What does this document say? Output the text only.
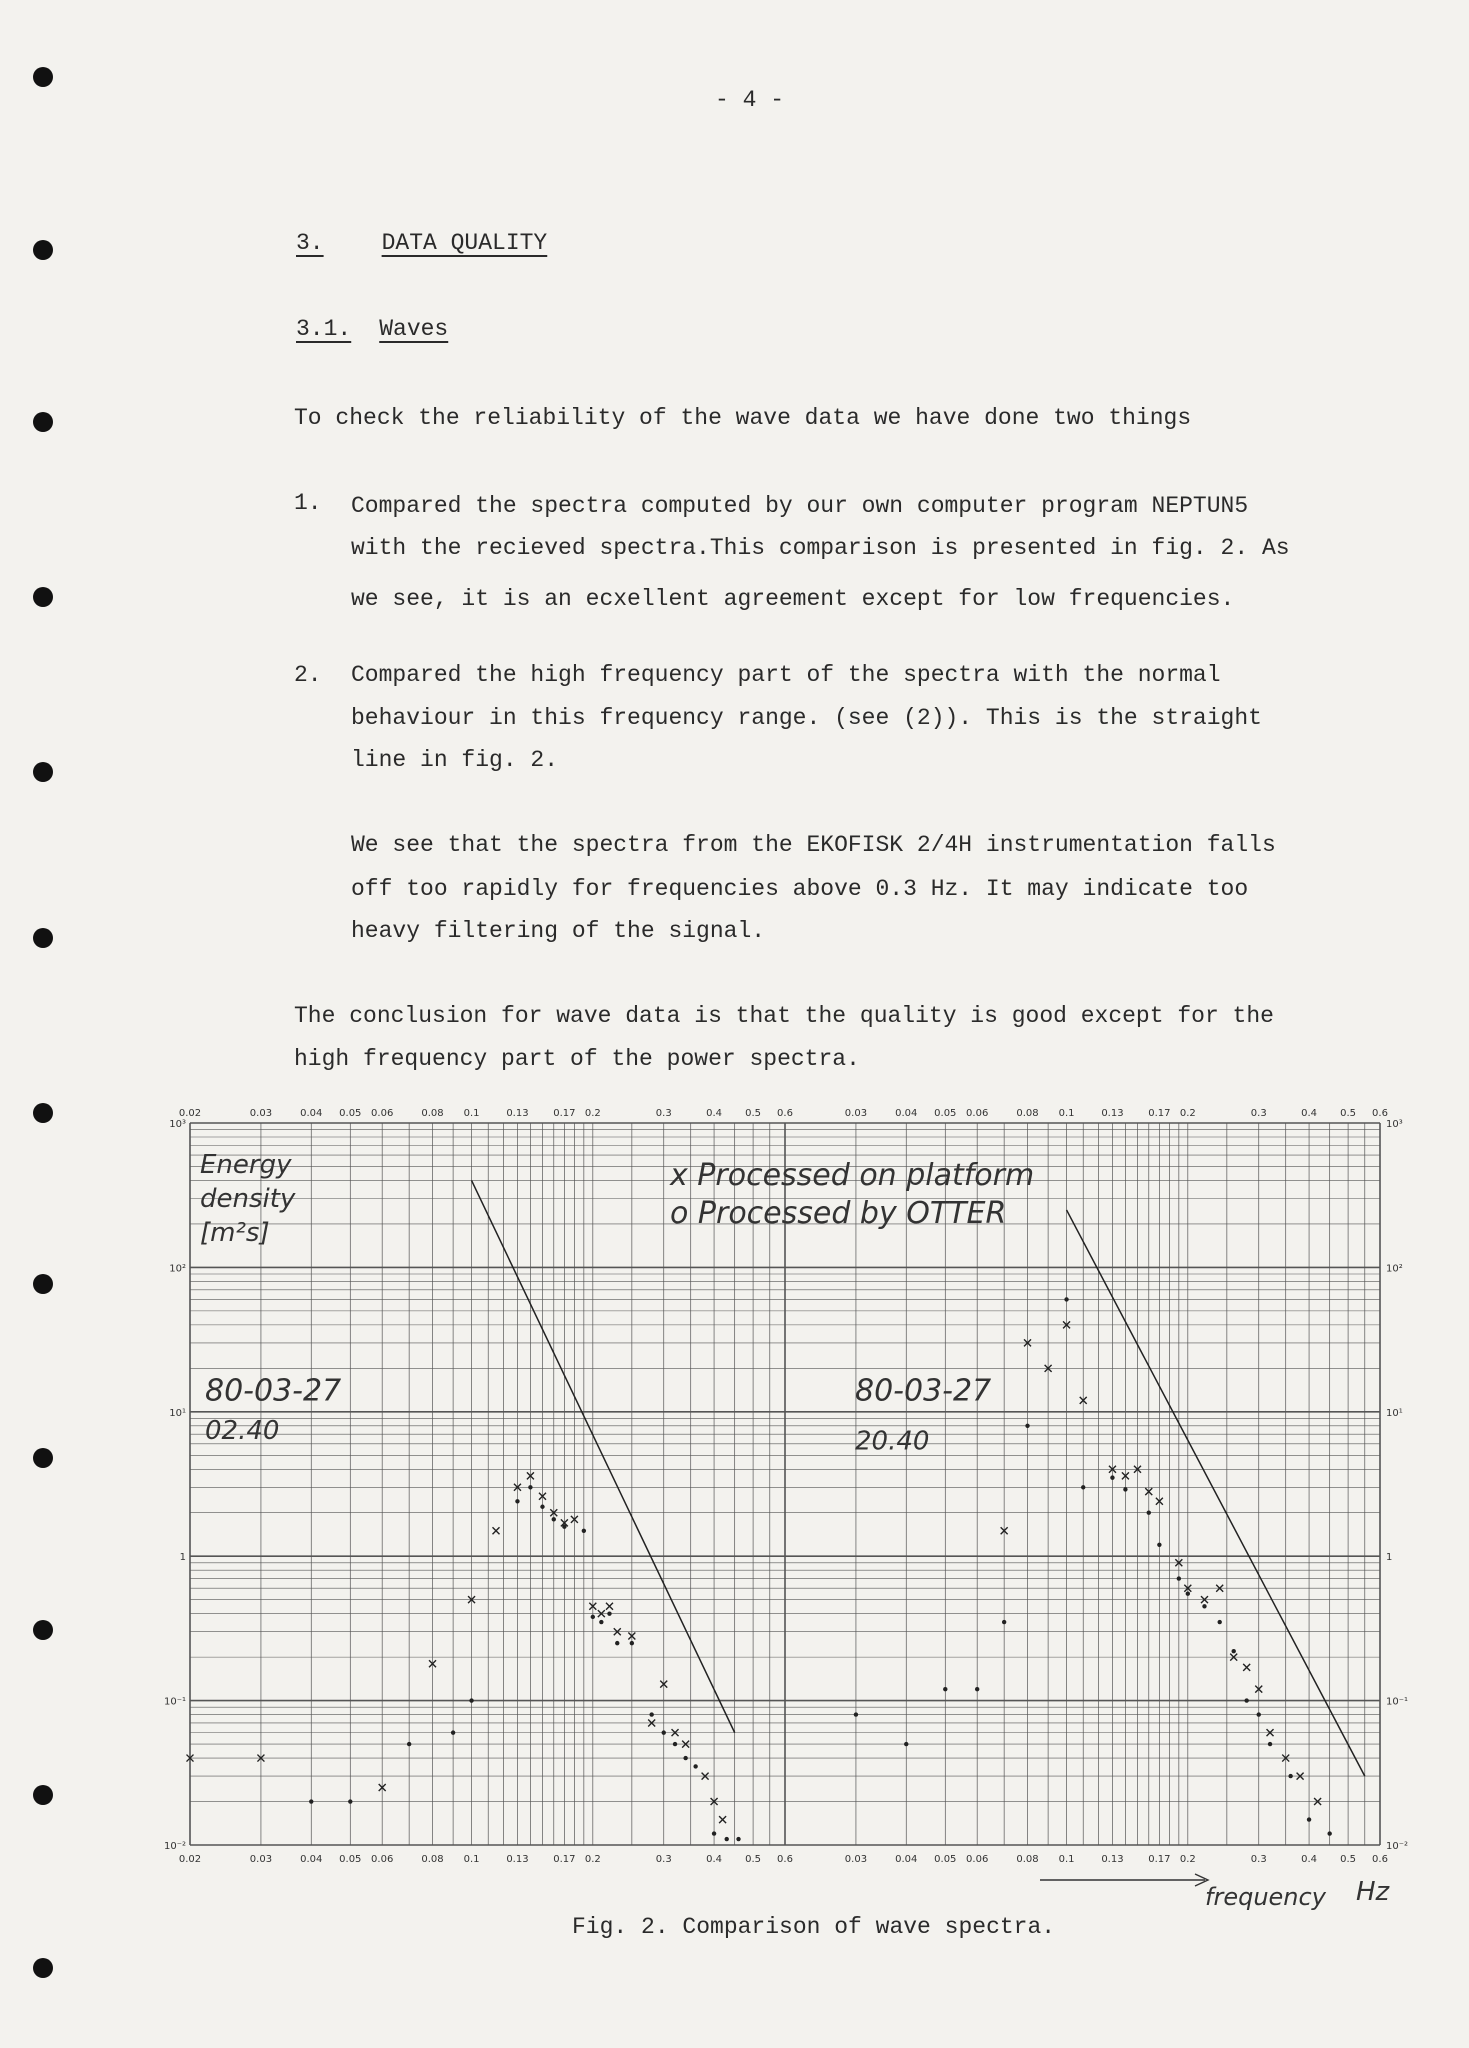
- 4 -
3.	DATA QUALITY
3.1. Waves
To check the reliability of the wave data we have done two things
1. Compared the spectra computed by our own computer program NEPTUN5
with the recieved spectra.This comparison is presented in fig. 2. As
we see, it is an ecxellent agreement except for low frequencies.
2. Compared the high frequency part of the spectra with the normal
behaviour in this frequency range. (see (2)). This is the straight
line in fig. 2.
We see that the spectra from the EKOFISK 2/4H instrumentation falls
off too rapidly for frequencies above 0.3 Hz. It may indicate too
heavy filtering of the signal.
The conclusion for wave data is that the quality is good except for the
high frequency part of the power spectra.
0.02
0.02
0.03
0.03
0.04
0.04
0.05
0.05
0.06
0.06
0.08
0.08
0.1
0.1
0.13
0.13
0.17
0.17
0.2
0.2
0.3
0.3
0.4
0.4
0.5
0.5
0.6
0.6
0.03
0.03
0.04
0.04
0.05
0.05
0.06
0.06
0.08
0.08
0.1
0.1
0.13
0.13
0.17
0.17
0.2
0.2
0.3
0.3
0.4
0.4
0.5
0.5
0.6
0.6
10⁻²	10⁻²
10⁻¹	10⁻¹
1	1
10¹	10¹
10²	10²
10³	10³
80-03-27
02.40
80-03-27
20.40
Energy
density
[m²s]
x Processed on platform
o Processed by OTTER
frequency Hz
Fig. 2. Comparison of wave spectra.
